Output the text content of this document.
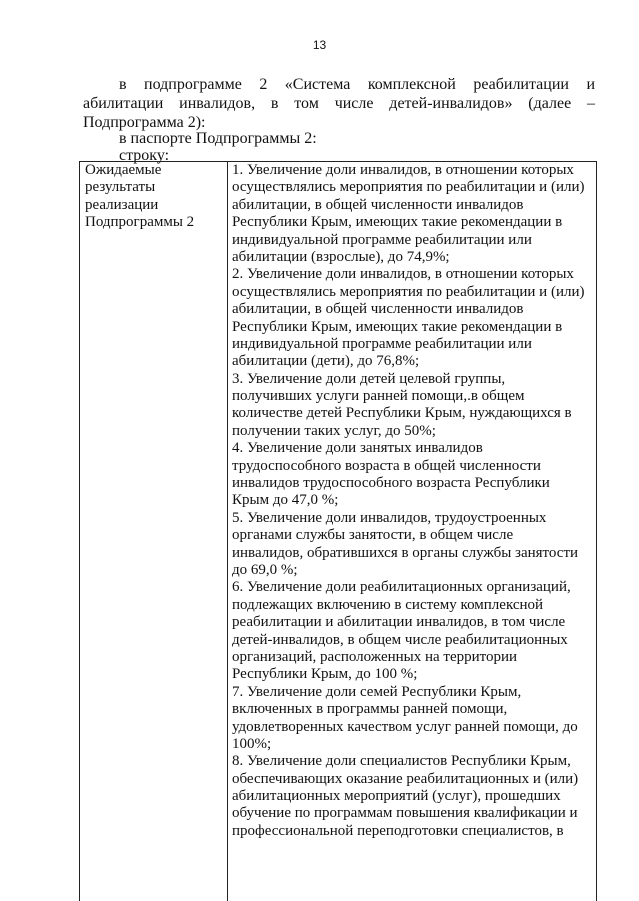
13

в подпрограмме 2 «Система комплексной реабилитации и абилитации инвалидов, в том числе детей-инвалидов» (далее – Подпрограмма 2):

в паспорте Подпрограммы 2:

строку:

Ожидаемые
результаты
реализации
Подпрограммы 2

1. Увеличение доли инвалидов, в отношении которых
осуществлялись мероприятия по реабилитации и (или)
абилитации, в общей численности инвалидов
Республики Крым, имеющих такие рекомендации в
индивидуальной программе реабилитации или
абилитации (взрослые), до 74,9%;
2. Увеличение доли инвалидов, в отношении которых
осуществлялись мероприятия по реабилитации и (или)
абилитации, в общей численности инвалидов
Республики Крым, имеющих такие рекомендации в
индивидуальной программе реабилитации или
абилитации (дети), до 76,8%;
3. Увеличение доли детей целевой группы,
получивших услуги ранней помощи,.в общем
количестве детей Республики Крым, нуждающихся в
получении таких услуг, до 50%;
4. Увеличение доли занятых инвалидов
трудоспособного возраста в общей численности
инвалидов трудоспособного возраста Республики
Крым до 47,0 %;
5. Увеличение доли инвалидов, трудоустроенных
органами службы занятости, в общем числе
инвалидов, обратившихся в органы службы занятости
до 69,0 %;
6. Увеличение доли реабилитационных организаций,
подлежащих включению в систему комплексной
реабилитации и абилитации инвалидов, в том числе
детей-инвалидов, в общем числе реабилитационных
организаций, расположенных на территории
Республики Крым, до 100 %;
7. Увеличение доли семей Республики Крым,
включенных в программы ранней помощи,
удовлетворенных качеством услуг ранней помощи, до
100%;
8. Увеличение доли специалистов Республики Крым,
обеспечивающих оказание реабилитационных и (или)
абилитационных мероприятий (услуг), прошедших
обучение по программам повышения квалификации и
профессиональной переподготовки специалистов, в
